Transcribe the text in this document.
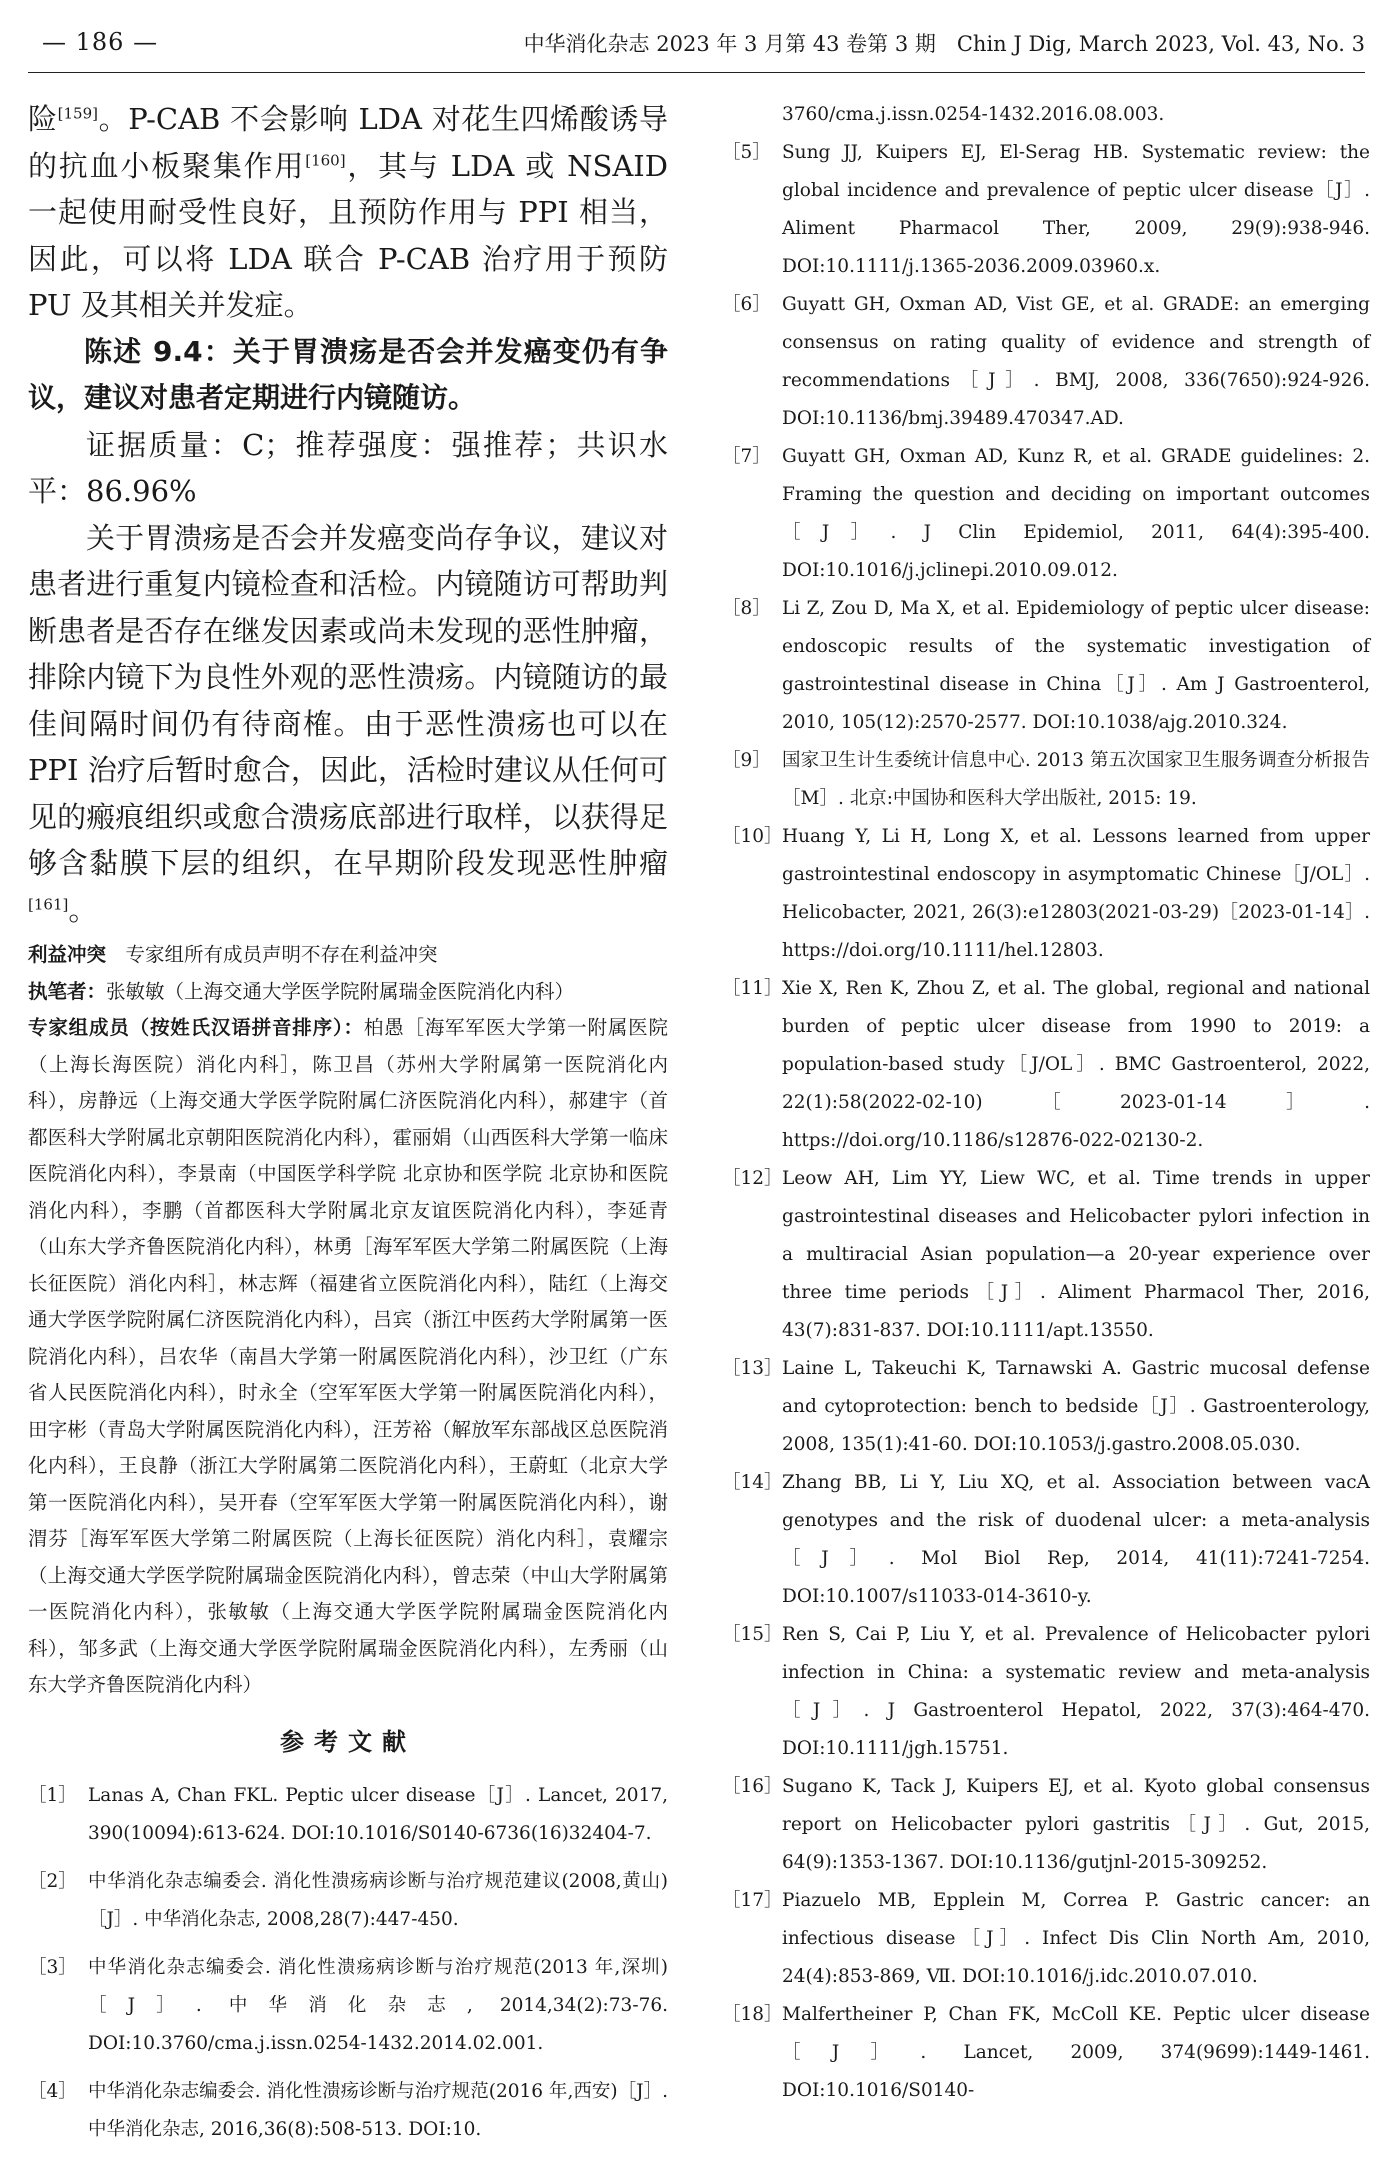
— 186 —	中华消化杂志 2023 年 3 月第 43 卷第 3 期　Chin J Dig, March 2023, Vol. 43, No. 3

险[159]。P-CAB 不会影响 LDA 对花生四烯酸诱导的抗血小板聚集作用[160]，其与 LDA 或 NSAID 一起使用耐受性良好，且预防作用与 PPI 相当，因此，可以将 LDA 联合 P-CAB 治疗用于预防 PU 及其相关并发症。

陈述 9.4：关于胃溃疡是否会并发癌变仍有争议，建议对患者定期进行内镜随访。

证据质量：C；推荐强度：强推荐；共识水平：86.96%

关于胃溃疡是否会并发癌变尚存争议，建议对患者进行重复内镜检查和活检。内镜随访可帮助判断患者是否存在继发因素或尚未发现的恶性肿瘤，排除内镜下为良性外观的恶性溃疡。内镜随访的最佳间隔时间仍有待商榷。由于恶性溃疡也可以在 PPI 治疗后暂时愈合，因此，活检时建议从任何可见的瘢痕组织或愈合溃疡底部进行取样，以获得足够含黏膜下层的组织，在早期阶段发现恶性肿瘤[161]。

利益冲突　专家组所有成员声明不存在利益冲突

执笔者：张敏敏（上海交通大学医学院附属瑞金医院消化内科）

专家组成员（按姓氏汉语拼音排序）：柏愚［海军军医大学第一附属医院（上海长海医院）消化内科］，陈卫昌（苏州大学附属第一医院消化内科），房静远（上海交通大学医学院附属仁济医院消化内科），郝建宇（首都医科大学附属北京朝阳医院消化内科），霍丽娟（山西医科大学第一临床医院消化内科），李景南（中国医学科学院 北京协和医学院 北京协和医院消化内科），李鹏（首都医科大学附属北京友谊医院消化内科），李延青（山东大学齐鲁医院消化内科），林勇［海军军医大学第二附属医院（上海长征医院）消化内科］，林志辉（福建省立医院消化内科），陆红（上海交通大学医学院附属仁济医院消化内科），吕宾（浙江中医药大学附属第一医院消化内科），吕农华（南昌大学第一附属医院消化内科），沙卫红（广东省人民医院消化内科），时永全（空军军医大学第一附属医院消化内科），田字彬（青岛大学附属医院消化内科），汪芳裕（解放军东部战区总医院消化内科），王良静（浙江大学附属第二医院消化内科），王蔚虹（北京大学第一医院消化内科），吴开春（空军军医大学第一附属医院消化内科），谢渭芬［海军军医大学第二附属医院（上海长征医院）消化内科］，袁耀宗（上海交通大学医学院附属瑞金医院消化内科），曾志荣（中山大学附属第一医院消化内科），张敏敏（上海交通大学医学院附属瑞金医院消化内科），邹多武（上海交通大学医学院附属瑞金医院消化内科），左秀丽（山东大学齐鲁医院消化内科）

参考文献

［1］ Lanas A, Chan FKL. Peptic ulcer disease［J］. Lancet, 2017, 390(10094):613-624. DOI:10.1016/S0140-6736(16)32404-7.

［2］ 中华消化杂志编委会. 消化性溃疡病诊断与治疗规范建议(2008,黄山)［J］. 中华消化杂志, 2008,28(7):447-450.

［3］ 中华消化杂志编委会. 消化性溃疡病诊断与治疗规范(2013 年,深圳)［J］. 中华消化杂志, 2014,34(2):73-76. DOI:10.3760/cma.j.issn.0254-1432.2014.02.001.

［4］ 中华消化杂志编委会. 消化性溃疡诊断与治疗规范(2016 年,西安)［J］. 中华消化杂志, 2016,36(8):508-513. DOI:10.

3760/cma.j.issn.0254-1432.2016.08.003.

［5］ Sung JJ, Kuipers EJ, El-Serag HB. Systematic review: the global incidence and prevalence of peptic ulcer disease［J］. Aliment Pharmacol Ther, 2009, 29(9):938-946. DOI:10.1111/j.1365-2036.2009.03960.x.

［6］ Guyatt GH, Oxman AD, Vist GE, et al. GRADE: an emerging consensus on rating quality of evidence and strength of recommendations［J］. BMJ, 2008, 336(7650):924-926. DOI:10.1136/bmj.39489.470347.AD.

［7］ Guyatt GH, Oxman AD, Kunz R, et al. GRADE guidelines: 2. Framing the question and deciding on important outcomes［J］. J Clin Epidemiol, 2011, 64(4):395-400. DOI:10.1016/j.jclinepi.2010.09.012.

［8］ Li Z, Zou D, Ma X, et al. Epidemiology of peptic ulcer disease: endoscopic results of the systematic investigation of gastrointestinal disease in China［J］. Am J Gastroenterol, 2010, 105(12):2570-2577. DOI:10.1038/ajg.2010.324.

［9］ 国家卫生计生委统计信息中心. 2013 第五次国家卫生服务调查分析报告［M］. 北京:中国协和医科大学出版社, 2015: 19.

［10］ Huang Y, Li H, Long X, et al. Lessons learned from upper gastrointestinal endoscopy in asymptomatic Chinese［J/OL］. Helicobacter, 2021, 26(3):e12803(2021-03-29)［2023-01-14］. https://doi.org/10.1111/hel.12803.

［11］ Xie X, Ren K, Zhou Z, et al. The global, regional and national burden of peptic ulcer disease from 1990 to 2019: a population-based study［J/OL］. BMC Gastroenterol, 2022, 22(1):58(2022-02-10)［2023-01-14］. https://doi.org/10.1186/s12876-022-02130-2.

［12］ Leow AH, Lim YY, Liew WC, et al. Time trends in upper gastrointestinal diseases and Helicobacter pylori infection in a multiracial Asian population—a 20-year experience over three time periods［J］. Aliment Pharmacol Ther, 2016, 43(7):831-837. DOI:10.1111/apt.13550.

［13］ Laine L, Takeuchi K, Tarnawski A. Gastric mucosal defense and cytoprotection: bench to bedside［J］. Gastroenterology, 2008, 135(1):41-60. DOI:10.1053/j.gastro.2008.05.030.

［14］ Zhang BB, Li Y, Liu XQ, et al. Association between vacA genotypes and the risk of duodenal ulcer: a meta-analysis［J］. Mol Biol Rep, 2014, 41(11):7241-7254. DOI:10.1007/s11033-014-3610-y.

［15］ Ren S, Cai P, Liu Y, et al. Prevalence of Helicobacter pylori infection in China: a systematic review and meta-analysis［J］. J Gastroenterol Hepatol, 2022, 37(3):464-470. DOI:10.1111/jgh.15751.

［16］ Sugano K, Tack J, Kuipers EJ, et al. Kyoto global consensus report on Helicobacter pylori gastritis［J］. Gut, 2015, 64(9):1353-1367. DOI:10.1136/gutjnl-2015-309252.

［17］ Piazuelo MB, Epplein M, Correa P. Gastric cancer: an infectious disease［J］. Infect Dis Clin North Am, 2010, 24(4):853-869, Ⅶ. DOI:10.1016/j.idc.2010.07.010.

［18］ Malfertheiner P, Chan FK, McColl KE. Peptic ulcer disease［J］. Lancet, 2009, 374(9699):1449-1461. DOI:10.1016/S0140-
